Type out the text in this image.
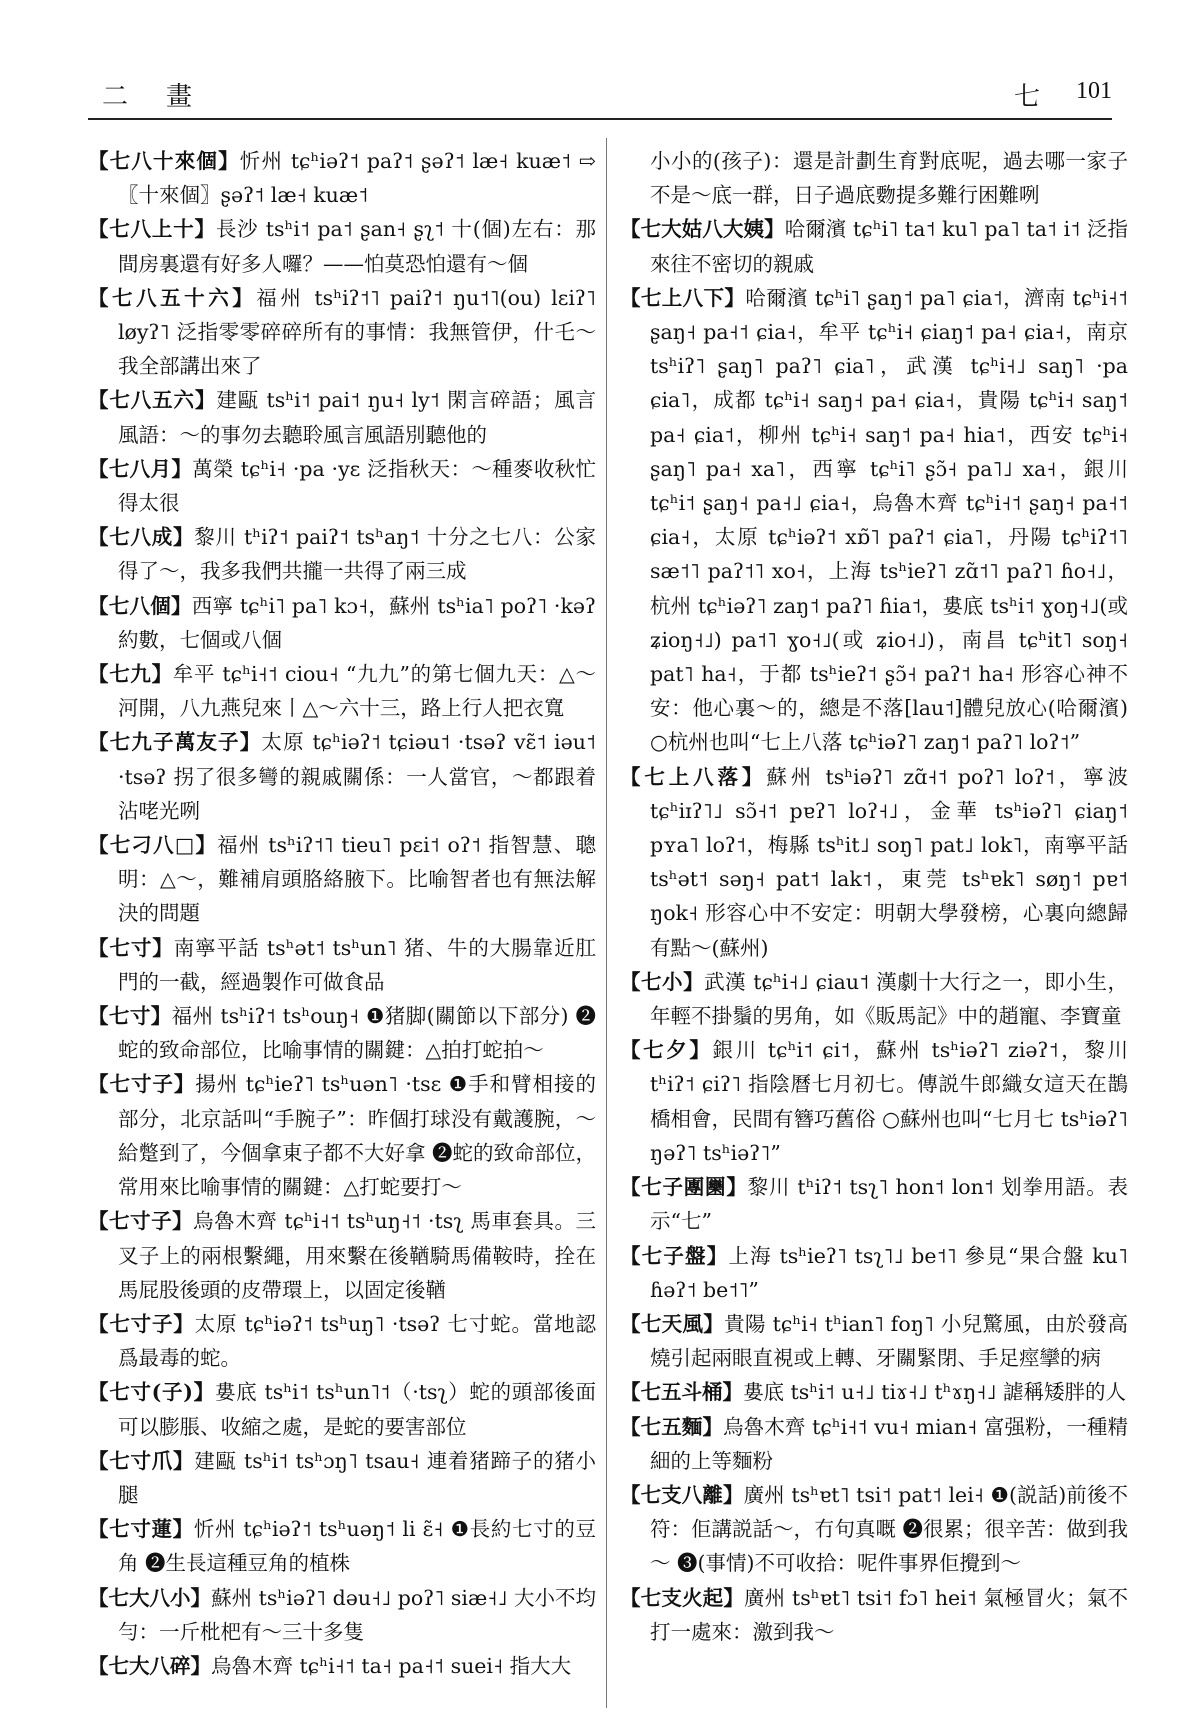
二　畫	七 101

【七八十來個】忻州 tɕʰiəʔ˦ paʔ˦ ʂəʔ˦ læ˧ kuæ˦ ⇨〖十來個〗ʂəʔ˦ læ˧ kuæ˦

【七八上十】長沙 tsʰi˦ pa˦ ʂan˧ ʂʅ˦ 十(個)左右：那間房裏還有好多人囉？——怕莫恐怕還有～個

【七八五十六】福州 tsʰiʔ˦˥ paiʔ˦ ŋu˦˥(ou) lɛiʔ˥ løyʔ˥ 泛指零零碎碎所有的事情：我無管伊，什乇～我全部講出來了

【七八五六】建甌 tsʰi˦ pai˦ ŋu˧ ly˦ 閑言碎語；風言風語：～的事勿去聽聆風言風語別聽他的

【七八月】萬榮 tɕʰi˧ ·pa ·yɛ 泛指秋天：～種麥收秋忙得太很

【七八成】黎川 tʰiʔ˦ paiʔ˦ tsʰaŋ˦ 十分之七八：公家得了～，我多我們共攏一共得了兩三成

【七八個】西寧 tɕʰi˥ pa˥ kɔ˧，蘇州 tsʰia˥ poʔ˥ ·kəʔ 約數，七個或八個

【七九】牟平 tɕʰi˧˦ ciou˧ “九九”的第七個九天：△～河開，八九燕兒來丨△～六十三，路上行人把衣寬

【七九子萬友子】太原 tɕʰiəʔ˦ tɕiəu˦ ·tsəʔ vɛ̃˦ iəu˦ ·tsəʔ 拐了很多彎的親戚關係：一人當官，～都跟着沾咾光咧

【七刁八□】福州 tsʰiʔ˦˥ tieu˥ pɛi˦ oʔ˦ 指智慧、聰明：△～，難補肩頭胳絡腋下。比喻智者也有無法解決的問題

【七寸】南寧平話 tsʰət˦ tsʰun˥ 猪、牛的大腸靠近肛門的一截，經過製作可做食品

【七寸】福州 tsʰiʔ˦ tsʰouŋ˧ ❶猪脚(關節以下部分) ❷蛇的致命部位，比喻事情的關鍵：△拍打蛇拍～

【七寸子】揚州 tɕʰieʔ˥ tsʰuən˥ ·tsɛ ❶手和臂相接的部分，北京話叫“手腕子”：昨個打球没有戴護腕，～給蹩到了，今個拿東子都不大好拿 ❷蛇的致命部位，常用來比喻事情的關鍵：△打蛇要打～

【七寸子】烏魯木齊 tɕʰi˧˦ tsʰuŋ˧˦ ·tsʅ 馬車套具。三叉子上的兩根繫繩，用來繫在後鞧騎馬備鞍時，拴在馬屁股後頭的皮帶環上，以固定後鞧

【七寸子】太原 tɕʰiəʔ˦ tsʰuŋ˥ ·tsəʔ 七寸蛇。當地認爲最毒的蛇。

【七寸(子)】婁底 tsʰi˦ tsʰun˥˦（·tsʅ）蛇的頭部後面可以膨脹、收縮之處，是蛇的要害部位

【七寸爪】建甌 tsʰi˦ tsʰɔŋ˥ tsau˧ 連着猪蹄子的猪小腿

【七寸蓮】忻州 tɕʰiəʔ˦ tsʰuəŋ˦ li ɛ̃˧ ❶長約七寸的豆角 ❷生長這種豆角的植株

【七大八小】蘇州 tsʰiəʔ˥ dəu˧˩ poʔ˥ siæ˧˩ 大小不均勻：一斤枇杷有～三十多隻

【七大八碎】烏魯木齊 tɕʰi˧˦ ta˧ pa˧˦ suei˧ 指大大

小小的(孩子)：還是計劃生育對底呢，過去哪一家子不是～底一群，日子過底覅提多難行困難咧

【七大姑八大姨】哈爾濱 tɕʰi˥ ta˦ ku˥ pa˥ ta˦ i˦ 泛指來往不密切的親戚

【七上八下】哈爾濱 tɕʰi˥ ʂaŋ˦ pa˥ ɕia˦，濟南 tɕʰi˧˦ ʂaŋ˧ pa˧˦ ɕia˧，牟平 tɕʰi˧ ɕiaŋ˦ pa˧ ɕia˧，南京 tsʰiʔ˥ ʂaŋ˥ paʔ˥ ɕia˥，武漢 tɕʰi˧˩ saŋ˥ ·pa ɕia˥，成都 tɕʰi˧ saŋ˧ pa˧ ɕia˧，貴陽 tɕʰi˧ saŋ˦ pa˧ ɕia˦，柳州 tɕʰi˧ saŋ˦ pa˧ hia˦，西安 tɕʰi˧ ʂaŋ˥ pa˧ xa˥，西寧 tɕʰi˥ ʂɔ̃˧ pa˥˩ xa˧，銀川 tɕʰi˦ ʂaŋ˧ pa˧˩ ɕia˧，烏魯木齊 tɕʰi˧˦ ʂaŋ˧ pa˧˦ ɕia˧，太原 tɕʰiəʔ˦ xɒ̃˥ paʔ˦ ɕia˥，丹陽 tɕʰiʔ˦˥ sæ˦˥ paʔ˦˥ xo˧，上海 tsʰieʔ˥ zɑ̃˦˥ paʔ˥ ɦo˧˩，杭州 tɕʰiəʔ˥ zaŋ˦ paʔ˥ ɦia˦，婁底 tsʰi˦ ɣoŋ˧˩(或 ʑioŋ˧˩) pa˦˥ ɣo˧˩(或 ʑio˧˩)，南昌 tɕʰit˥ soŋ˧ pat˥ ha˧，于都 tsʰieʔ˦ ʂɔ̃˧ paʔ˦ ha˧ 形容心神不安：他心裏～的，總是不落[lau˦]體兒放心(哈爾濱) ○杭州也叫“七上八落 tɕʰiəʔ˥ zaŋ˦ paʔ˥ loʔ˦”

【七上八落】蘇州 tsʰiəʔ˥ zɑ̃˧˦ poʔ˥ loʔ˦，寧波 tɕʰiɪʔ˥˩ sɔ̃˧˦ pɐʔ˥ loʔ˧˩，金華 tsʰiəʔ˥ ɕiaŋ˦ pʏa˥ loʔ˦，梅縣 tsʰit˩ soŋ˥ pat˩ lok˥，南寧平話 tsʰət˦ səŋ˧ pat˦ lak˦，東莞 tsʰɐk˥ søŋ˦ pɐ˦ ŋok˧ 形容心中不安定：明朝大學發榜，心裏向總歸有點～(蘇州)

【七小】武漢 tɕʰi˧˩ ɕiau˦ 漢劇十大行之一，即小生，年輕不掛鬚的男角，如《販馬記》中的趙寵、李寶童

【七夕】銀川 tɕʰi˦ ɕi˦，蘇州 tsʰiəʔ˥ ziəʔ˦，黎川 tʰiʔ˦ ɕiʔ˥ 指陰曆七月初七。傳説牛郎織女這天在鵲橋相會，民間有簪巧舊俗 ○蘇州也叫“七月七 tsʰiəʔ˥ ŋəʔ˥ tsʰiəʔ˥”

【七子團圞】黎川 tʰiʔ˦ tsʅ˥ hon˦ lon˦ 划拳用語。表示“七”

【七子盤】上海 tsʰieʔ˥ tsʅ˥˩ be˦˥ 參見“果合盤 ku˥ ɦəʔ˦ be˦˥”

【七天風】貴陽 tɕʰi˧ tʰian˥ foŋ˥ 小兒驚風，由於發高燒引起兩眼直視或上轉、牙關緊閉、手足痙攣的病

【七五斗桶】婁底 tsʰi˦ u˧˩ tiɤ˧˩ tʰɤŋ˧˩ 謔稱矮胖的人

【七五麵】烏魯木齊 tɕʰi˧˦ vu˧ mian˧ 富强粉，一種精細的上等麵粉

【七支八離】廣州 tsʰɐt˥ tsi˦ pat˦ lei˧ ❶(説話)前後不符：佢講説話～，冇句真嘅 ❷很累；很辛苦：做到我～ ❸(事情)不可收拾：呢件事界佢攪到～

【七支火起】廣州 tsʰɐt˥ tsi˦ fɔ˥ hei˦ 氣極冒火；氣不打一處來：激到我～
